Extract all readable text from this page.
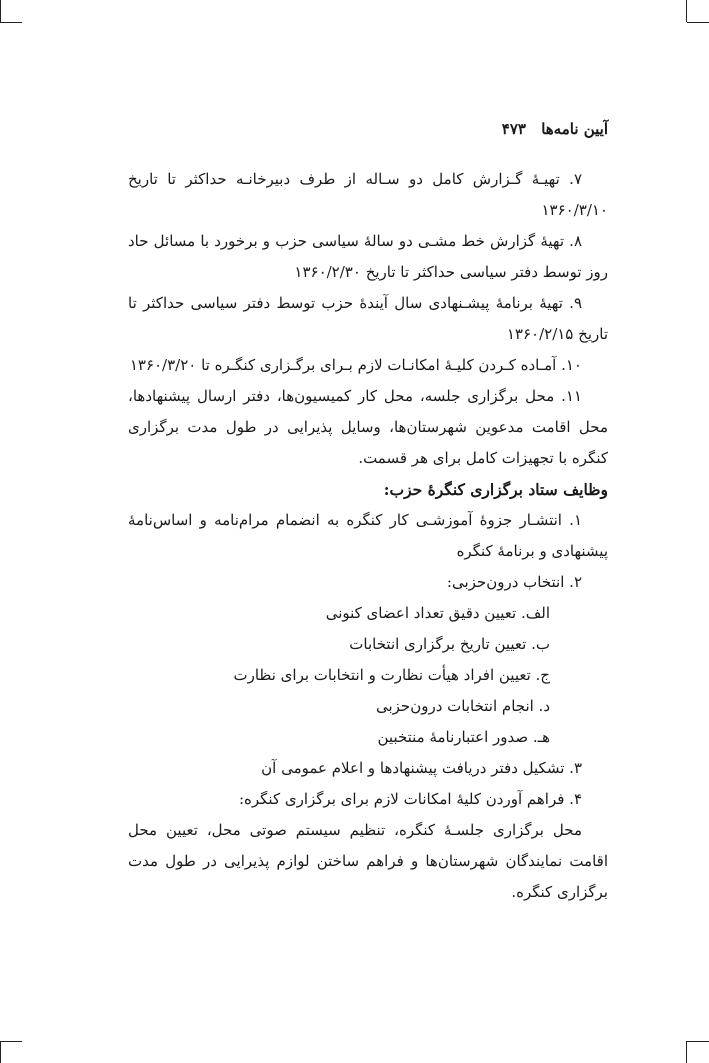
آیین نامه‌ها ۴۷۳

۷. تهیـهٔ گـزارش کامل دو سـاله از طرف دبیرخانـه حداکثر تا تاریخ ۱۳۶۰/۳/۱۰

۸. تهیهٔ گزارش خط مشـی دو سالهٔ سیاسی حزب و برخورد با مسائل حاد روز توسط دفتر سیاسی حداکثر تا تاریخ ۱۳۶۰/۲/۳۰

۹. تهیهٔ برنامهٔ پیشـنهادی سال آیندهٔ حزب توسط دفتر سیاسی حداکثر تا تاریخ ۱۳۶۰/۲/۱۵

۱۰. آمـاده کـردن کلیـهٔ امکانـات لازم بـرای برگـزاری کنگـره تا ۱۳۶۰/۳/۲۰

۱۱. محل برگزاری جلسه، محل کار کمیسیون‌ها، دفتر ارسال پیشنهادها، محل اقامت مدعوین شهرستان‌ها، وسایل پذیرایی در طول مدت برگزاری کنگره با تجهیزات کامل برای هر قسمت.

وظایف ستاد برگزاری کنگرهٔ حزب:

۱. انتشـار جزوهٔ آموزشـی کار کنگره به انضمام مرام‌نامه و اساس‌نامهٔ پیشنهادی و برنامهٔ کنگره

۲. انتخاب درون‌حزبی:

الف. تعیین دقیق تعداد اعضای کنونی

ب. تعیین تاریخ برگزاری انتخابات

ج. تعیین افراد هیأت نظارت و انتخابات برای نظارت

د. انجام انتخابات درون‌حزبی

هـ. صدور اعتبارنامهٔ منتخبین

۳. تشکیل دفتر دریافت پیشنهادها و اعلام عمومی آن

۴. فراهم آوردن کلیهٔ امکانات لازم برای برگزاری کنگره:

محل برگزاری جلسـهٔ کنگره، تنظیم سیستم صوتی محل، تعیین محل اقامت نمایندگان شهرستان‌ها و فراهم ساختن لوازم پذیرایی در طول مدت برگزاری کنگره.
